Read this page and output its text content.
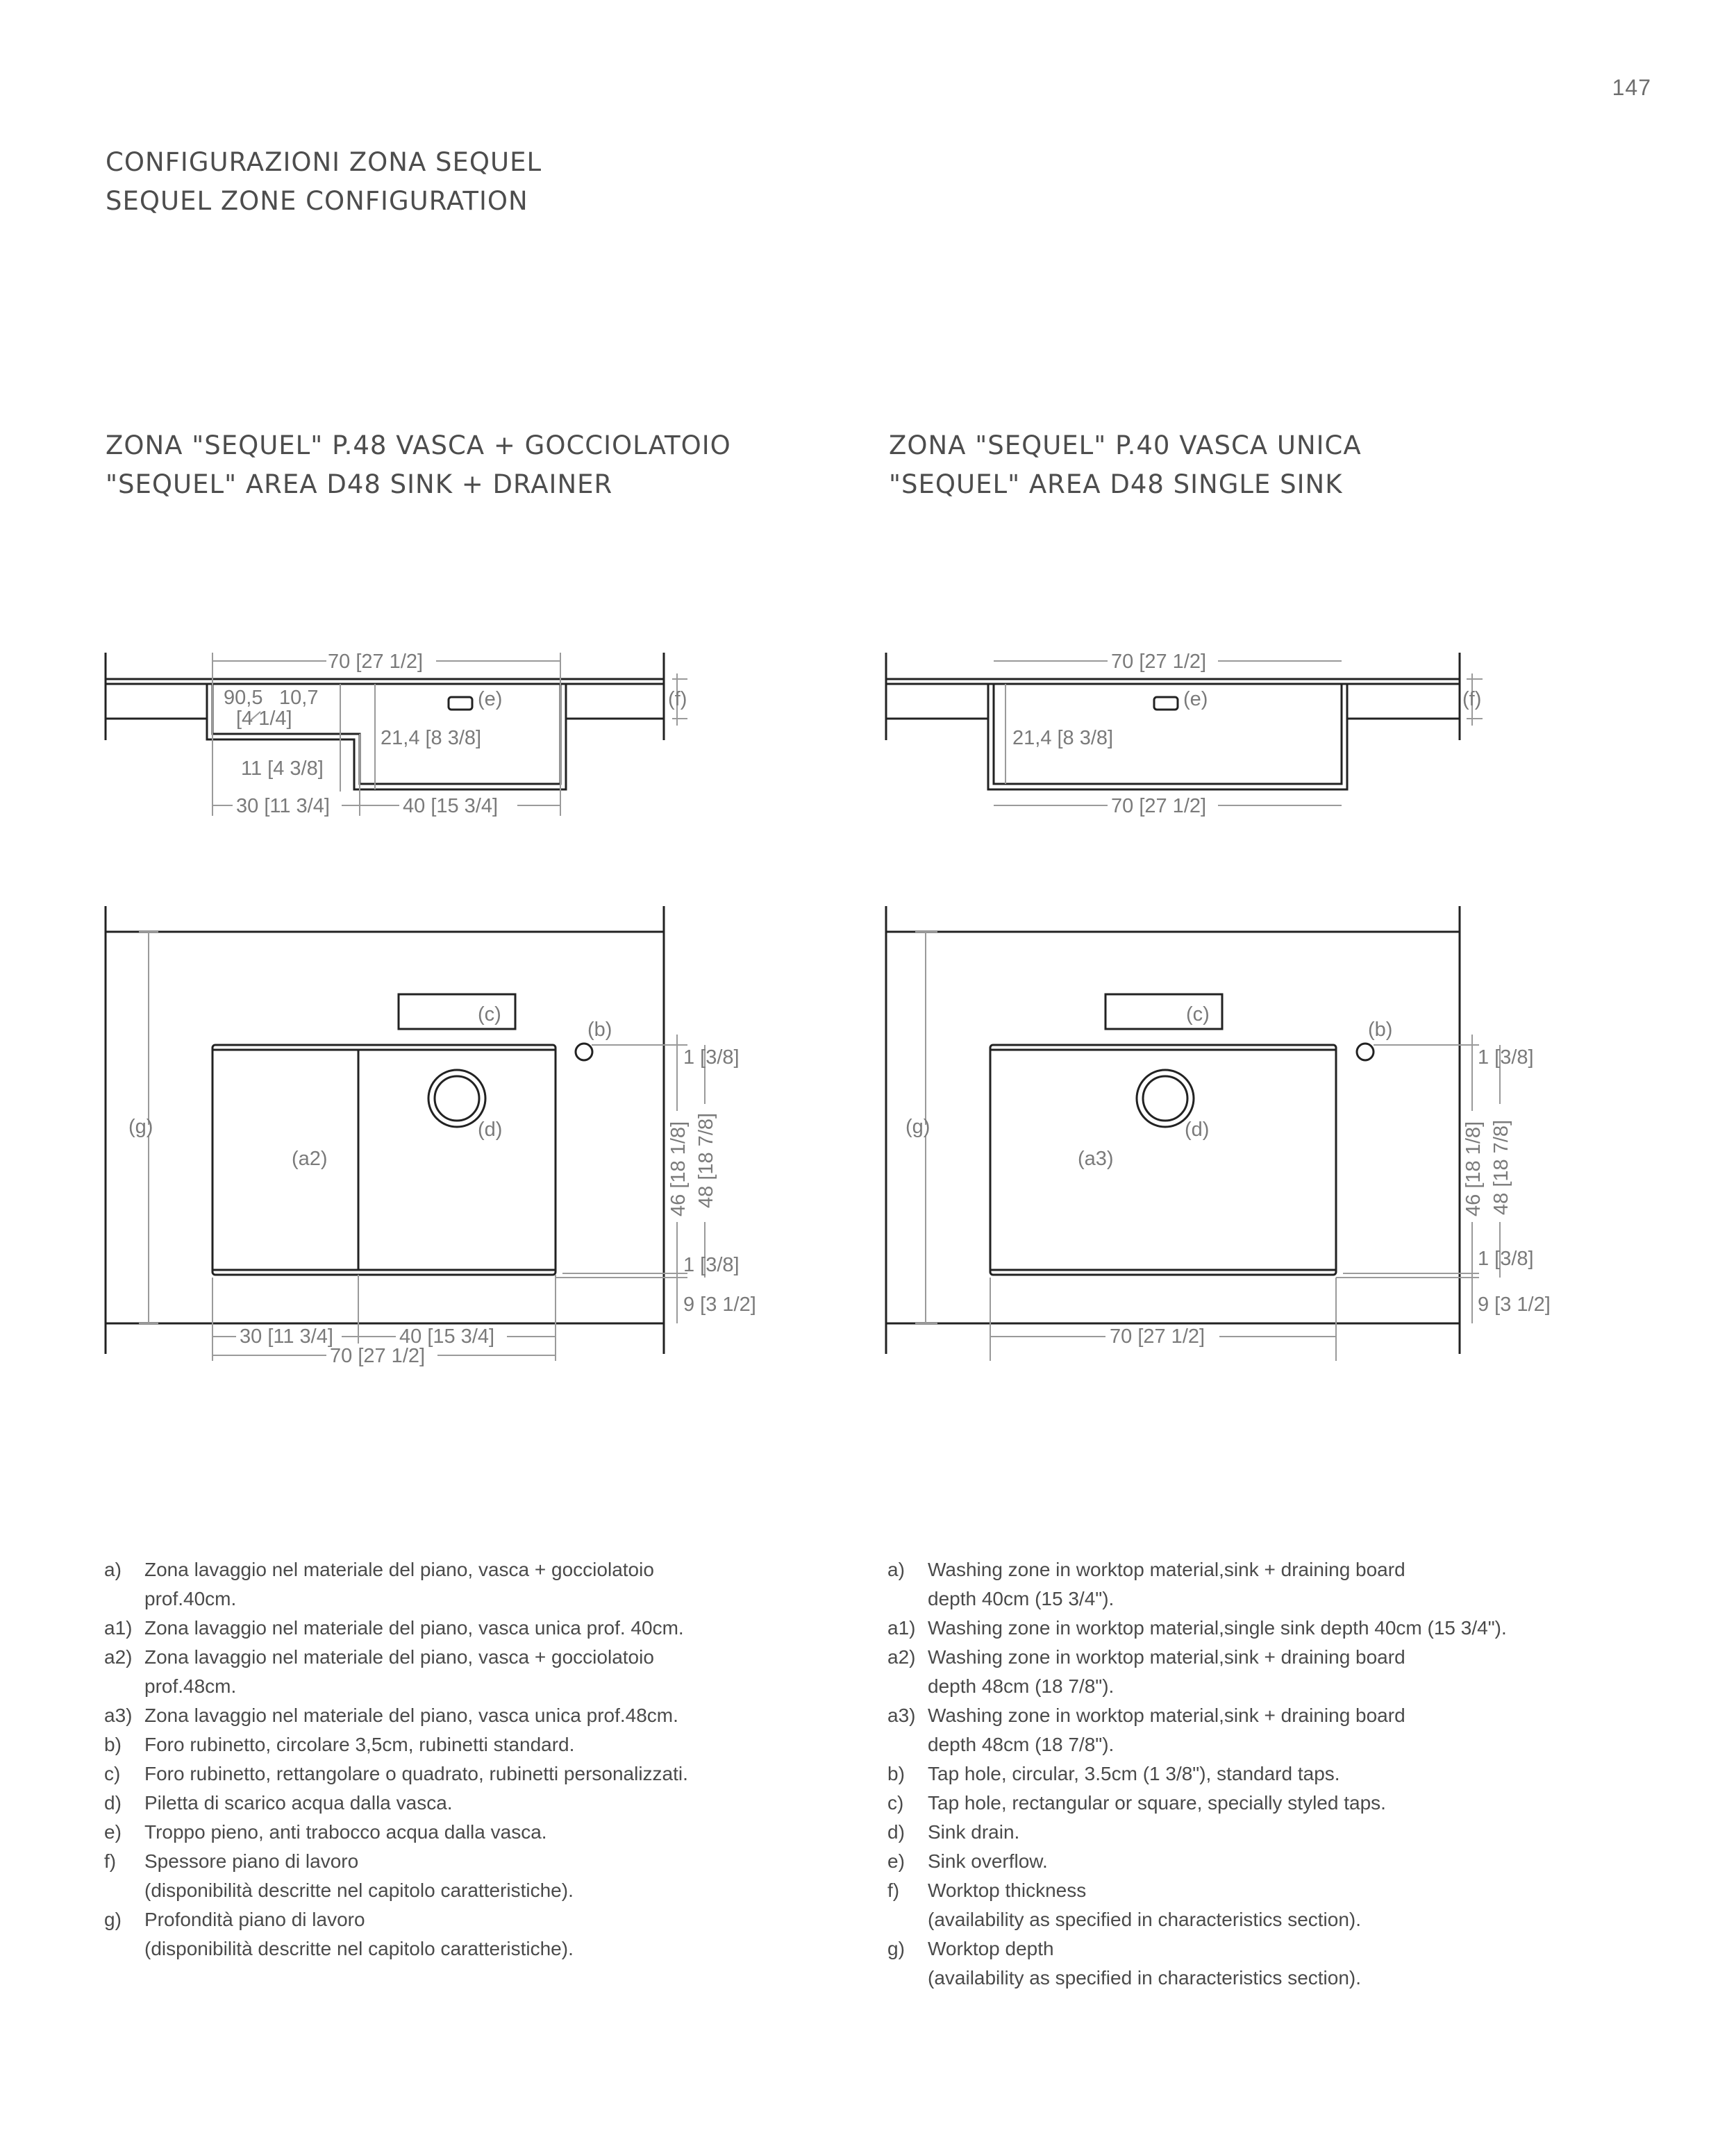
147
CONFIGURAZIONI ZONA SEQUEL
SEQUEL ZONE CONFIGURATION
ZONA "SEQUEL" P.48 VASCA + GOCCIOLATOIO
"SEQUEL" AREA D48 SINK + DRAINER
ZONA "SEQUEL" P.40 VASCA UNICA
"SEQUEL" AREA D48 SINGLE SINK
70 [27 1/2]
90,5 10,7
[4 1/4]
(e)
21,4 [8 3/8]
11 [4 3/8]
30 [11 3/4]	40 [15 3/4]
(f)
70 [27 1/2]
(e)
21,4 [8 3/8]
70 [27 1/2]
(f)
(g)
(a2)
(c)
(b)
(d)
1 [3/8]
1 [3/8]
9 [3 1/2]
46 [18 1/8] 48 [18 7/8]
30 [11 3/4]	40 [15 3/4]
70 [27 1/2]
(g)
(a3)
(c)
(b)
(d)
1 [3/8]
1 [3/8]
9 [3 1/2]
46 [18 1/8] 48 [18 7/8]
70 [27 1/2]
a)	Zona lavaggio nel materiale del piano, vasca + gocciolatoio
prof.40cm.
a1) Zona lavaggio nel materiale del piano, vasca unica prof. 40cm.
a2) Zona lavaggio nel materiale del piano, vasca + gocciolatoio
prof.48cm.
a3) Zona lavaggio nel materiale del piano, vasca unica prof.48cm.
b)	Foro rubinetto, circolare 3,5cm, rubinetti standard.
c)	Foro rubinetto, rettangolare o quadrato, rubinetti personalizzati.
d)	Piletta di scarico acqua dalla vasca.
e)	Troppo pieno, anti trabocco acqua dalla vasca.
f)	Spessore piano di lavoro
(disponibilità descritte nel capitolo caratteristiche).
g)	Profondità piano di lavoro
(disponibilità descritte nel capitolo caratteristiche).
a)	Washing zone in worktop material,sink + draining board
depth 40cm (15 3/4").
a1) Washing zone in worktop material,single sink depth 40cm (15 3/4").
a2) Washing zone in worktop material,sink + draining board
depth 48cm (18 7/8").
a3) Washing zone in worktop material,sink + draining board
depth 48cm (18 7/8").
b)	Tap hole, circular, 3.5cm (1 3/8"), standard taps.
c)	Tap hole, rectangular or square, specially styled taps.
d)	Sink drain.
e)	Sink overflow.
f)	Worktop thickness
(availability as specified in characteristics section).
g)	Worktop depth
(availability as specified in characteristics section).
